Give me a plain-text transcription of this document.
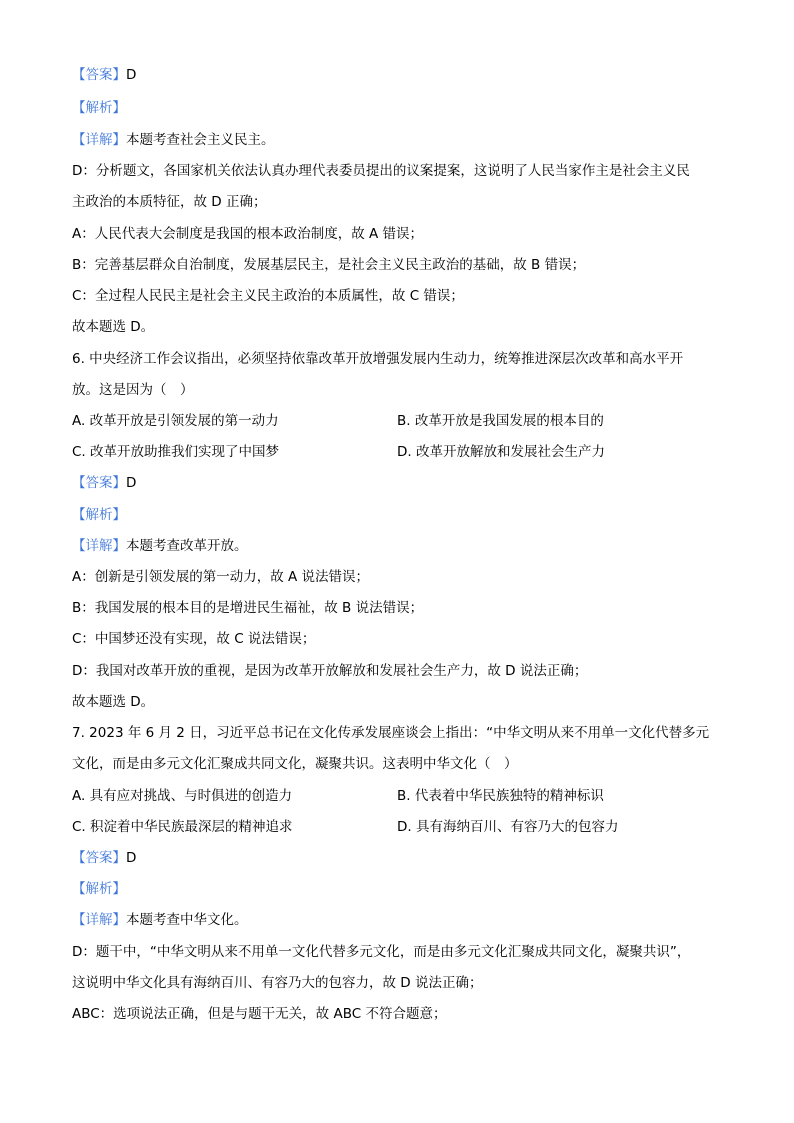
【答案】D
【解析】
【详解】本题考查社会主义民主。
D：分析题文，各国家机关依法认真办理代表委员提出的议案提案，这说明了人民当家作主是社会主义民
主政治的本质特征，故 D 正确；
A：人民代表大会制度是我国的根本政治制度，故 A 错误；
B：完善基层群众自治制度，发展基层民主，是社会主义民主政治的基础，故 B 错误；
C：全过程人民民主是社会主义民主政治的本质属性，故 C 错误；
故本题选 D。
6. 中央经济工作会议指出，必须坚持依靠改革开放增强发展内生动力，统筹推进深层次改革和高水平开
放。这是因为（　）
A. 改革开放是引领发展的第一动力	B. 改革开放是我国发展的根本目的
C. 改革开放助推我们实现了中国梦	D. 改革开放解放和发展社会生产力
【答案】D
【解析】
【详解】本题考查改革开放。
A：创新是引领发展的第一动力，故 A 说法错误；
B：我国发展的根本目的是增进民生福祉，故 B 说法错误；
C：中国梦还没有实现，故 C 说法错误；
D：我国对改革开放的重视，是因为改革开放解放和发展社会生产力，故 D 说法正确；
故本题选 D。
7. 2023 年 6 月 2 日，习近平总书记在文化传承发展座谈会上指出：“中华文明从来不用单一文化代替多元
文化，而是由多元文化汇聚成共同文化，凝聚共识。这表明中华文化（　）
A. 具有应对挑战、与时俱进的创造力	B. 代表着中华民族独特的精神标识
C. 积淀着中华民族最深层的精神追求	D. 具有海纳百川、有容乃大的包容力
【答案】D
【解析】
【详解】本题考查中华文化。
D：题干中，“中华文明从来不用单一文化代替多元文化，而是由多元文化汇聚成共同文化，凝聚共识”，
这说明中华文化具有海纳百川、有容乃大的包容力，故 D 说法正确；
ABC：选项说法正确，但是与题干无关，故 ABC 不符合题意；
